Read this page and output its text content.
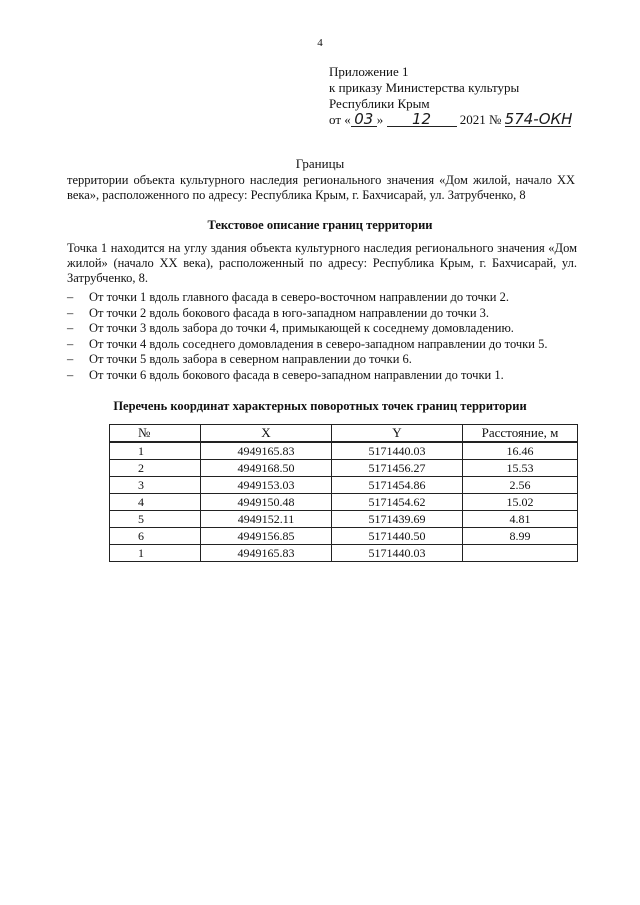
4
Приложение 1
к приказу Министерства культуры
Республики Крым
от « 03 » 12 2021 № 574-ОКН
Границы
территории объекта культурного наследия регионального значения «Дом жилой, начало XX века», расположенного по адресу: Республика Крым, г. Бахчисарай, ул. Затрубченко, 8
Текстовое описание границ территории
Точка 1 находится на углу здания объекта культурного наследия регионального значения «Дом жилой» (начало XX века), расположенный по адресу: Республика Крым, г. Бахчисарай, ул. Затрубченко, 8.
– От точки 1 вдоль главного фасада в северо-восточном направлении до точки 2.
– От точки 2 вдоль бокового фасада в юго-западном направлении до точки 3.
– От точки 3 вдоль забора до точки 4, примыкающей к соседнему домовладению.
– От точки 4 вдоль соседнего домовладения в северо-западном направлении до точки 5.
– От точки 5 вдоль забора в северном направлении до точки 6.
– От точки 6 вдоль бокового фасада в северо-западном направлении до точки 1.
Перечень координат характерных поворотных точек границ территории
№	X	Y	Расстояние, м
1	4949165.83	5171440.03	16.46
2	4949168.50	5171456.27	15.53
3	4949153.03	5171454.86	2.56
4	4949150.48	5171454.62	15.02
5	4949152.11	5171439.69	4.81
6	4949156.85	5171440.50	8.99
1	4949165.83	5171440.03	
